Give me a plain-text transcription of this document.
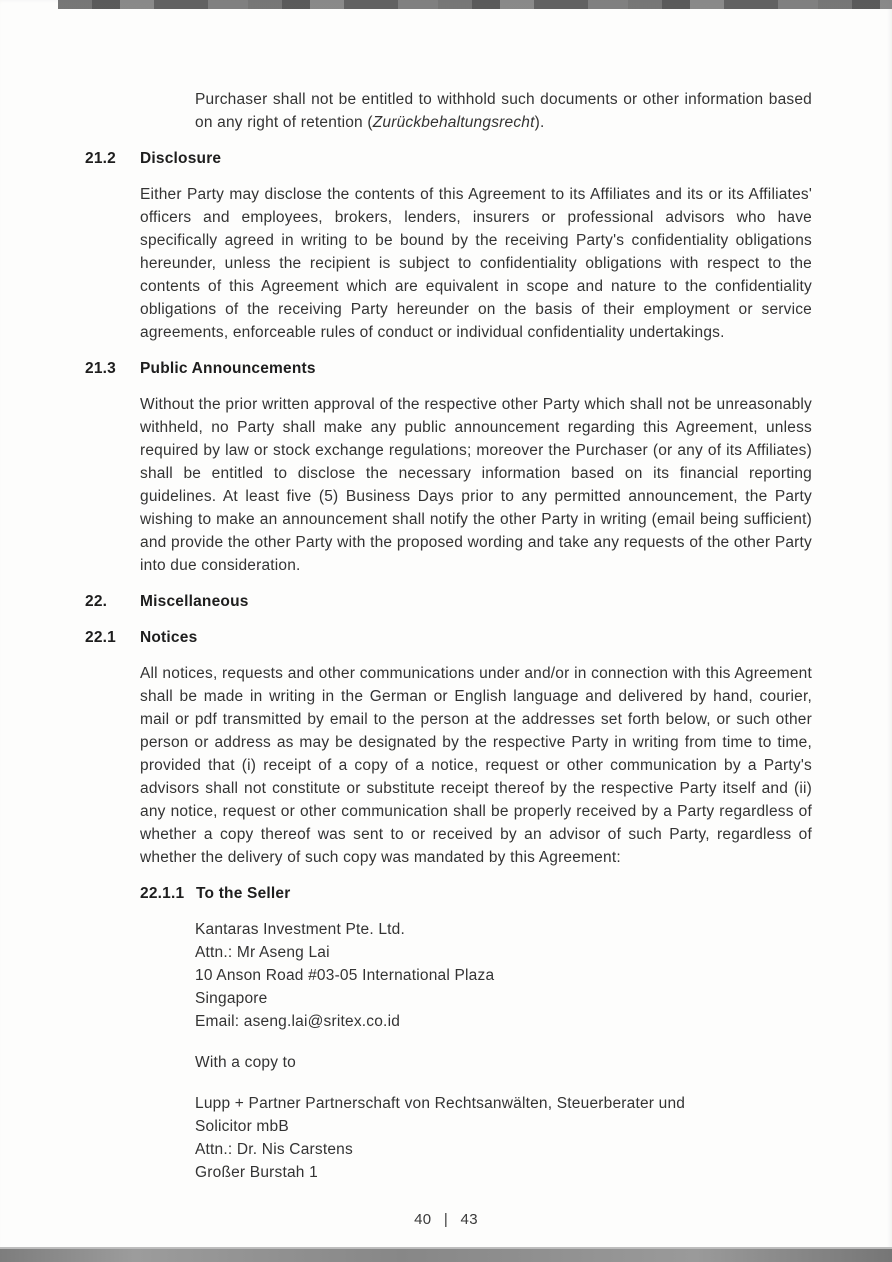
Purchaser shall not be entitled to withhold such documents or other information based on any right of retention (Zurückbehaltungsrecht).

21.2	Disclosure

Either Party may disclose the contents of this Agreement to its Affiliates and its or its Affiliates' officers and employees, brokers, lenders, insurers or professional advisors who have specifically agreed in writing to be bound by the receiving Party's confidentiality obligations hereunder, unless the recipient is subject to confidentiality obligations with respect to the contents of this Agreement which are equivalent in scope and nature to the confidentiality obligations of the receiving Party hereunder on the basis of their employment or service agreements, enforceable rules of conduct or individual confidentiality undertakings.

21.3	Public Announcements

Without the prior written approval of the respective other Party which shall not be unreasonably withheld, no Party shall make any public announcement regarding this Agreement, unless required by law or stock exchange regulations; moreover the Purchaser (or any of its Affiliates) shall be entitled to disclose the necessary information based on its financial reporting guidelines. At least five (5) Business Days prior to any permitted announcement, the Party wishing to make an announcement shall notify the other Party in writing (email being sufficient) and provide the other Party with the proposed wording and take any requests of the other Party into due consideration.

22.	Miscellaneous
22.1	Notices

All notices, requests and other communications under and/or in connection with this Agreement shall be made in writing in the German or English language and delivered by hand, courier, mail or pdf transmitted by email to the person at the addresses set forth below, or such other person or address as may be designated by the respective Party in writing from time to time, provided that (i) receipt of a copy of a notice, request or other communication by a Party's advisors shall not constitute or substitute receipt thereof by the respective Party itself and (ii) any notice, request or other communication shall be properly received by a Party regardless of whether a copy thereof was sent to or received by an advisor of such Party, regardless of whether the delivery of such copy was mandated by this Agreement:

22.1.1 To the Seller
Kantaras Investment Pte. Ltd.
Attn.: Mr Aseng Lai
10 Anson Road #03-05 International Plaza
Singapore
Email: aseng.lai@sritex.co.id
With a copy to
Lupp + Partner Partnerschaft von Rechtsanwälten, Steuerberater und
Solicitor mbB
Attn.: Dr. Nis Carstens
Großer Burstah 1
40 | 43
